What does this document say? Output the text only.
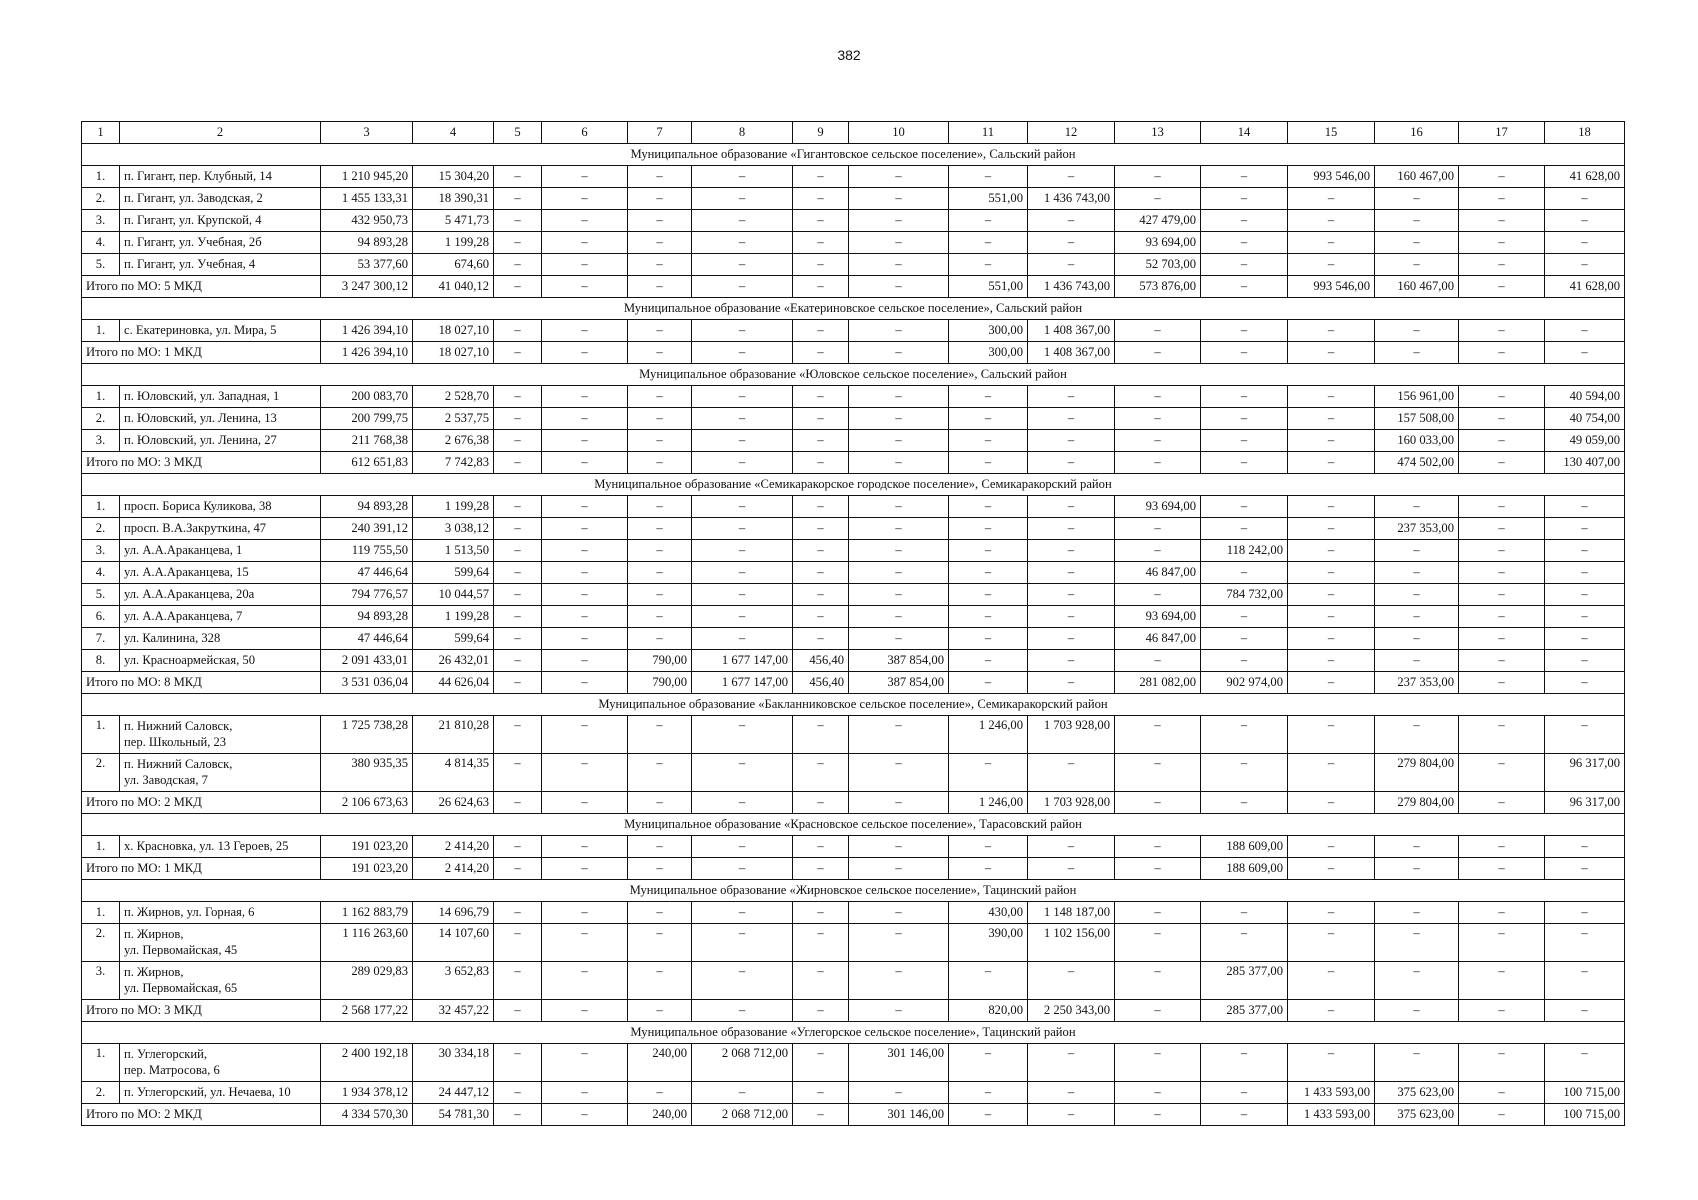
382
1	2	3	4	5	6	7	8	9	10	11	12	13	14	15	16	17	18
Муниципальное образование «Гигантовское сельское поселение», Сальский район																	
1.	п. Гигант, пер. Клубный, 14	1 210 945,20	15 304,20	–	–	–	–	–	–	–	–	–	–	993 546,00	160 467,00	–	41 628,00
2.	п. Гигант, ул. Заводская, 2	1 455 133,31	18 390,31	–	–	–	–	–	–	551,00	1 436 743,00	–	–	–	–	–	–
3.	п. Гигант, ул. Крупской, 4	432 950,73	5 471,73	–	–	–	–	–	–	–	–	427 479,00	–	–	–	–	–
4.	п. Гигант, ул. Учебная, 2б	94 893,28	1 199,28	–	–	–	–	–	–	–	–	93 694,00	–	–	–	–	–
5.	п. Гигант, ул. Учебная, 4	53 377,60	674,60	–	–	–	–	–	–	–	–	52 703,00	–	–	–	–	–
Итого по МО: 5 МКД		3 247 300,12	41 040,12	–	–	–	–	–	–	551,00	1 436 743,00	573 876,00	–	993 546,00	160 467,00	–	41 628,00
Муниципальное образование «Екатериновское сельское поселение», Сальский район																	
1.	с. Екатериновка, ул. Мира, 5	1 426 394,10	18 027,10	–	–	–	–	–	–	300,00	1 408 367,00	–	–	–	–	–	–
Итого по МО: 1 МКД		1 426 394,10	18 027,10	–	–	–	–	–	–	300,00	1 408 367,00	–	–	–	–	–	–
Муниципальное образование «Юловское сельское поселение», Сальский район																	
1.	п. Юловский, ул. Западная, 1	200 083,70	2 528,70	–	–	–	–	–	–	–	–	–	–	–	156 961,00	–	40 594,00
2.	п. Юловский, ул. Ленина, 13	200 799,75	2 537,75	–	–	–	–	–	–	–	–	–	–	–	157 508,00	–	40 754,00
3.	п. Юловский, ул. Ленина, 27	211 768,38	2 676,38	–	–	–	–	–	–	–	–	–	–	–	160 033,00	–	49 059,00
Итого по МО: 3 МКД		612 651,83	7 742,83	–	–	–	–	–	–	–	–	–	–	–	474 502,00	–	130 407,00
Муниципальное образование «Семикаракорское городское поселение», Семикаракорский район																	
1.	просп. Бориса Куликова, 38	94 893,28	1 199,28	–	–	–	–	–	–	–	–	93 694,00	–	–	–	–	–
2.	просп. В.А.Закруткина, 47	240 391,12	3 038,12	–	–	–	–	–	–	–	–	–	–	–	237 353,00	–	–
3.	ул. А.А.Араканцева, 1	119 755,50	1 513,50	–	–	–	–	–	–	–	–	–	118 242,00	–	–	–	–
4.	ул. А.А.Араканцева, 15	47 446,64	599,64	–	–	–	–	–	–	–	–	46 847,00	–	–	–	–	–
5.	ул. А.А.Араканцева, 20а	794 776,57	10 044,57	–	–	–	–	–	–	–	–	–	784 732,00	–	–	–	–
6.	ул. А.А.Араканцева, 7	94 893,28	1 199,28	–	–	–	–	–	–	–	–	93 694,00	–	–	–	–	–
7.	ул. Калинина, 328	47 446,64	599,64	–	–	–	–	–	–	–	–	46 847,00	–	–	–	–	–
8.	ул. Красноармейская, 50	2 091 433,01	26 432,01	–	–	790,00	1 677 147,00	456,40	387 854,00	–	–	–	–	–	–	–	–
Итого по МО: 8 МКД		3 531 036,04	44 626,04	–	–	790,00	1 677 147,00	456,40	387 854,00	–	–	281 082,00	902 974,00	–	237 353,00	–	–
Муниципальное образование «Бакланниковское сельское поселение», Семикаракорский район																	
1.	п. Нижний Саловск,
пер. Школьный, 23	1 725 738,28	21 810,28	–	–	–	–	–	–	1 246,00	1 703 928,00	–	–	–	–	–	–
2.	п. Нижний Саловск,
ул. Заводская, 7	380 935,35	4 814,35	–	–	–	–	–	–	–	–	–	–	–	279 804,00	–	96 317,00
Итого по МО: 2 МКД		2 106 673,63	26 624,63	–	–	–	–	–	–	1 246,00	1 703 928,00	–	–	–	279 804,00	–	96 317,00
Муниципальное образование «Красновское сельское поселение», Тарасовский район																	
1.	х. Красновка, ул. 13 Героев, 25	191 023,20	2 414,20	–	–	–	–	–	–	–	–	–	188 609,00	–	–	–	–
Итого по МО: 1 МКД		191 023,20	2 414,20	–	–	–	–	–	–	–	–	–	188 609,00	–	–	–	–
Муниципальное образование «Жирновское сельское поселение», Тацинский район																	
1.	п. Жирнов, ул. Горная, 6	1 162 883,79	14 696,79	–	–	–	–	–	–	430,00	1 148 187,00	–	–	–	–	–	–
2.	п. Жирнов,
ул. Первомайская, 45	1 116 263,60	14 107,60	–	–	–	–	–	–	390,00	1 102 156,00	–	–	–	–	–	–
3.	п. Жирнов,
ул. Первомайская, 65	289 029,83	3 652,83	–	–	–	–	–	–	–	–	–	285 377,00	–	–	–	–
Итого по МО: 3 МКД		2 568 177,22	32 457,22	–	–	–	–	–	–	820,00	2 250 343,00	–	285 377,00	–	–	–	–
Муниципальное образование «Углегорское сельское поселение», Тацинский район																	
1.	п. Углегорский,
пер. Матросова, 6	2 400 192,18	30 334,18	–	–	240,00	2 068 712,00	–	301 146,00	–	–	–	–	–	–	–	–
2.	п. Углегорский, ул. Нечаева, 10	1 934 378,12	24 447,12	–	–	–	–	–	–	–	–	–	–	1 433 593,00	375 623,00	–	100 715,00
Итого по МО: 2 МКД		4 334 570,30	54 781,30	–	–	240,00	2 068 712,00	–	301 146,00	–	–	–	–	1 433 593,00	375 623,00	–	100 715,00
